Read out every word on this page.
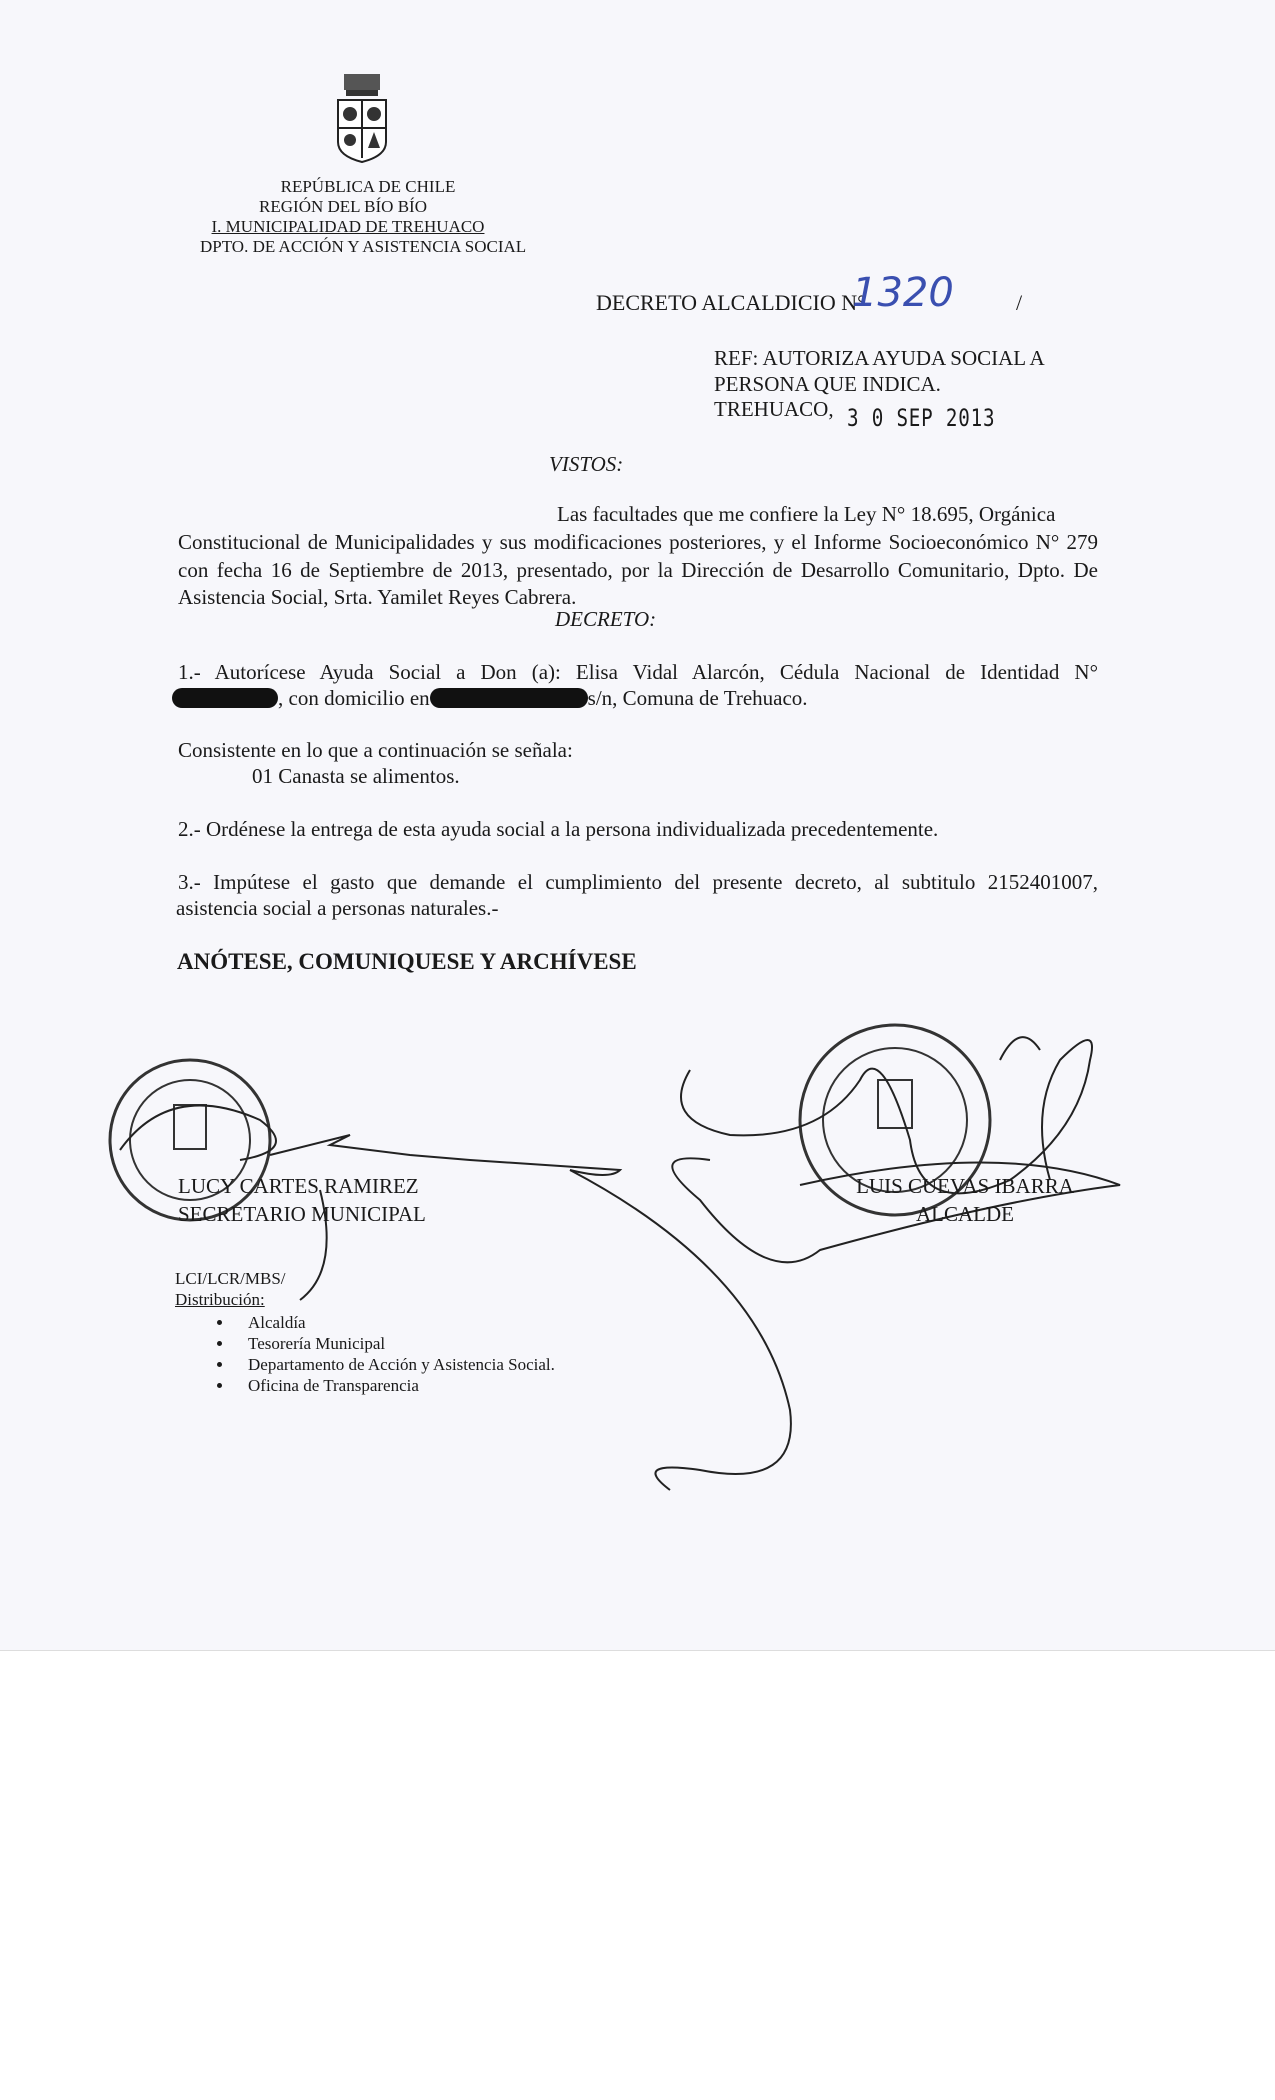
REPÚBLICA DE CHILE
REGIÓN DEL BÍO BÍO
I. MUNICIPALIDAD DE TREHUACO
DPTO. DE ACCIÓN Y ASISTENCIA SOCIAL
DECRETO ALCALDICIO N°
1320	/
REF: AUTORIZA AYUDA SOCIAL A
PERSONA QUE INDICA.
TREHUACO, 3 0 SEP 2013
VISTOS:
Las facultades que me confiere la Ley N° 18.695, Orgánica
Constitucional de Municipalidades y sus modificaciones posteriores, y el Informe Socioeconómico N° 279 con fecha 16 de Septiembre de 2013, presentado, por la Dirección de Desarrollo Comunitario, Dpto. De Asistencia Social, Srta. Yamilet Reyes Cabrera.
DECRETO:
1.- Autorícese Ayuda Social a Don (a): Elisa Vidal Alarcón, Cédula Nacional de Identidad N°
, con domicilio en	s/n, Comuna de Trehuaco.
Consistente en lo que a continuación se señala:
01 Canasta se alimentos.
2.- Ordénese la entrega de esta ayuda social a la persona individualizada precedentemente.
3.- Impútese el gasto que demande el cumplimiento del presente decreto, al subtitulo 2152401007,
asistencia social a personas naturales.-
ANÓTESE, COMUNIQUESE Y ARCHÍVESE
LUCY CARTES RAMIREZ
SECRETARIO MUNICIPAL
LUIS CUEVAS IBARRA
ALCALDE
LCI/LCR/MBS/
Distribución:
• Alcaldía
• Tesorería Municipal
• Departamento de Acción y Asistencia Social.
• Oficina de Transparencia
